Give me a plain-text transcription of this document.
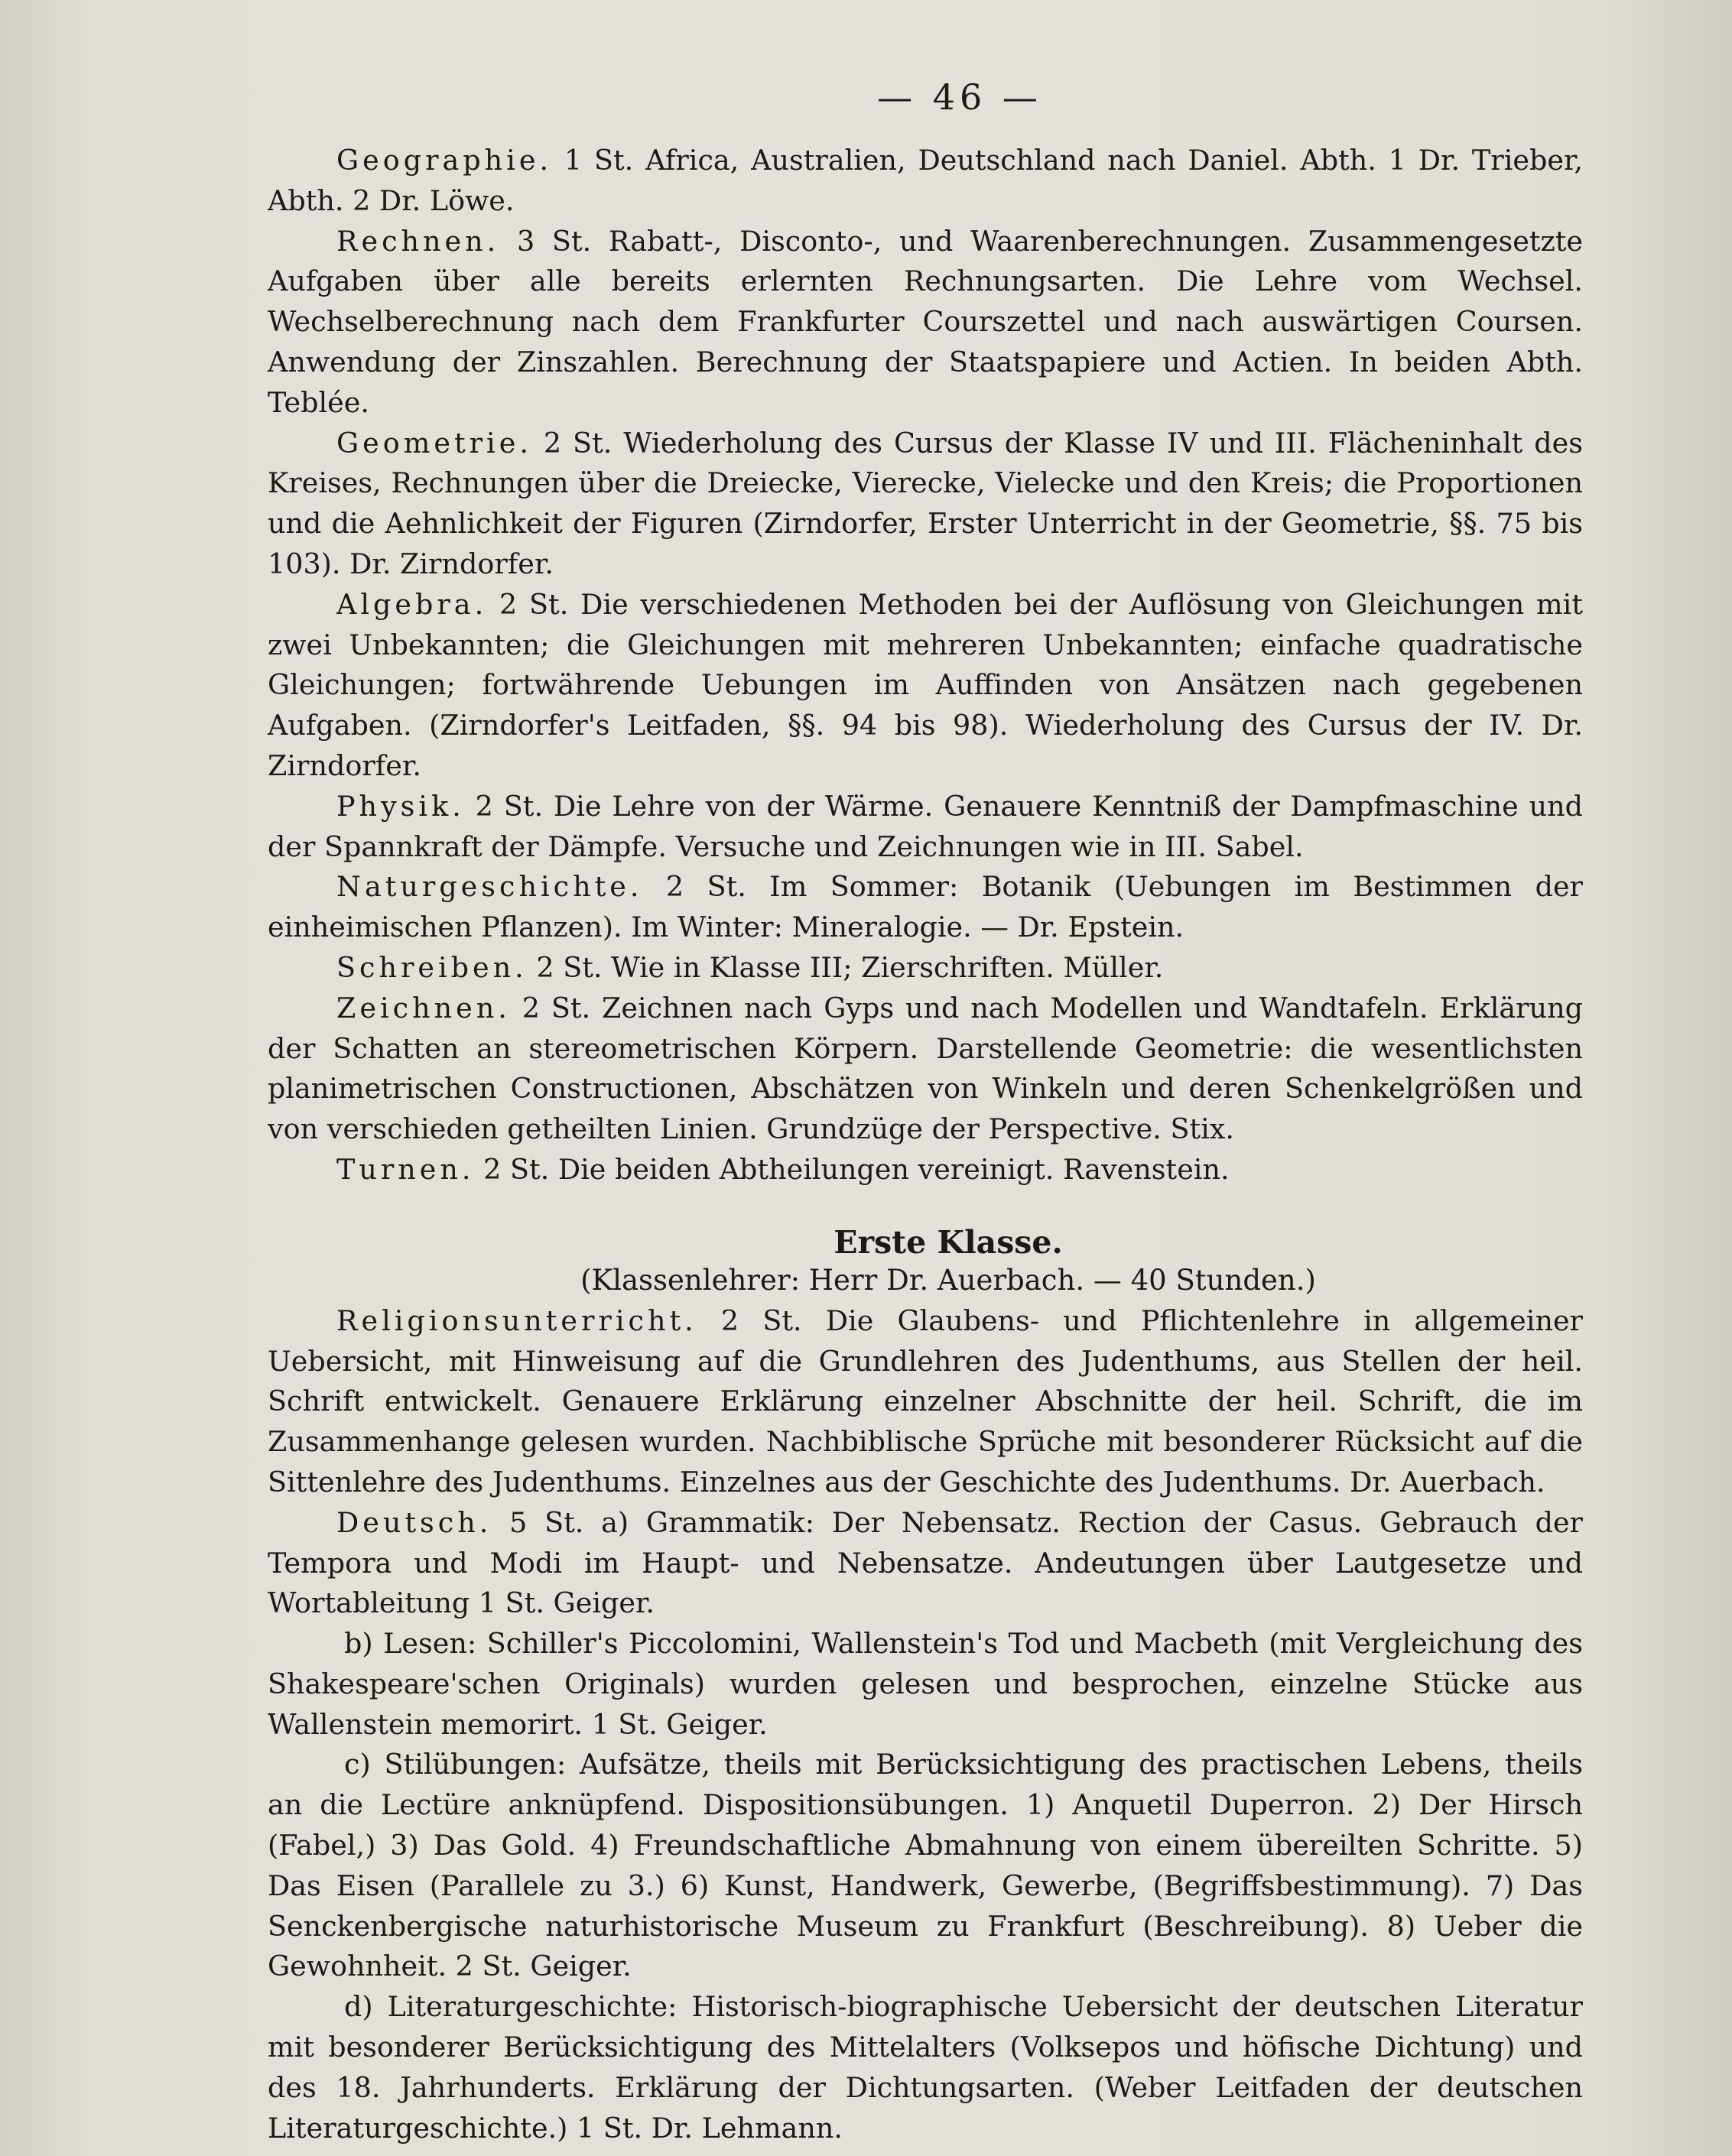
— 46 —

Geographie. 1 St. Africa, Australien, Deutschland nach Daniel. Abth. 1 Dr. Trieber, Abth. 2 Dr. Löwe.

Rechnen. 3 St. Rabatt-, Disconto-, und Waarenberechnungen. Zusammengesetzte Aufgaben über alle bereits erlernten Rechnungsarten. Die Lehre vom Wechsel. Wechselberechnung nach dem Frankfurter Courszettel und nach auswärtigen Coursen. Anwendung der Zinszahlen. Berechnung der Staatspapiere und Actien. In beiden Abth. Teblée.

Geometrie. 2 St. Wiederholung des Cursus der Klasse IV und III. Flächeninhalt des Kreises, Rechnungen über die Dreiecke, Vierecke, Vielecke und den Kreis; die Proportionen und die Aehnlichkeit der Figuren (Zirndorfer, Erster Unterricht in der Geometrie, §§. 75 bis 103). Dr. Zirndorfer.

Algebra. 2 St. Die verschiedenen Methoden bei der Auflösung von Gleichungen mit zwei Unbekannten; die Gleichungen mit mehreren Unbekannten; einfache quadratische Gleichungen; fortwährende Uebungen im Auffinden von Ansätzen nach gegebenen Aufgaben. (Zirndorfer's Leitfaden, §§. 94 bis 98). Wiederholung des Cursus der IV. Dr. Zirndorfer.

Physik. 2 St. Die Lehre von der Wärme. Genauere Kenntniß der Dampfmaschine und der Spannkraft der Dämpfe. Versuche und Zeichnungen wie in III. Sabel.

Naturgeschichte. 2 St. Im Sommer: Botanik (Uebungen im Bestimmen der einheimischen Pflanzen). Im Winter: Mineralogie. — Dr. Epstein.

Schreiben. 2 St. Wie in Klasse III; Zierschriften. Müller.

Zeichnen. 2 St. Zeichnen nach Gyps und nach Modellen und Wandtafeln. Erklärung der Schatten an stereometrischen Körpern. Darstellende Geometrie: die wesentlichsten planimetrischen Constructionen, Abschätzen von Winkeln und deren Schenkelgrößen und von verschieden getheilten Linien. Grundzüge der Perspective. Stix.

Turnen. 2 St. Die beiden Abtheilungen vereinigt. Ravenstein.

Erste Klasse.
(Klassenlehrer: Herr Dr. Auerbach. — 40 Stunden.)

Religionsunterricht. 2 St. Die Glaubens- und Pflichtenlehre in allgemeiner Uebersicht, mit Hinweisung auf die Grundlehren des Judenthums, aus Stellen der heil. Schrift entwickelt. Genauere Erklärung einzelner Abschnitte der heil. Schrift, die im Zusammenhange gelesen wurden. Nachbiblische Sprüche mit besonderer Rücksicht auf die Sittenlehre des Judenthums. Einzelnes aus der Geschichte des Judenthums. Dr. Auerbach.

Deutsch. 5 St. a) Grammatik: Der Nebensatz. Rection der Casus. Gebrauch der Tempora und Modi im Haupt- und Nebensatze. Andeutungen über Lautgesetze und Wortableitung 1 St. Geiger.

b) Lesen: Schiller's Piccolomini, Wallenstein's Tod und Macbeth (mit Vergleichung des Shakespeare'schen Originals) wurden gelesen und besprochen, einzelne Stücke aus Wallenstein memorirt. 1 St. Geiger.

c) Stilübungen: Aufsätze, theils mit Berücksichtigung des practischen Lebens, theils an die Lectüre anknüpfend. Dispositionsübungen. 1) Anquetil Duperron. 2) Der Hirsch (Fabel,) 3) Das Gold. 4) Freundschaftliche Abmahnung von einem übereilten Schritte. 5) Das Eisen (Parallele zu 3.) 6) Kunst, Handwerk, Gewerbe, (Begriffsbestimmung). 7) Das Senckenbergische naturhistorische Museum zu Frankfurt (Beschreibung). 8) Ueber die Gewohnheit. 2 St. Geiger.

d) Literaturgeschichte: Historisch-biographische Uebersicht der deutschen Literatur mit besonderer Berücksichtigung des Mittelalters (Volksepos und höfische Dichtung) und des 18. Jahrhunderts. Erklärung der Dichtungsarten. (Weber Leitfaden der deutschen Literaturgeschichte.) 1 St. Dr. Lehmann.
